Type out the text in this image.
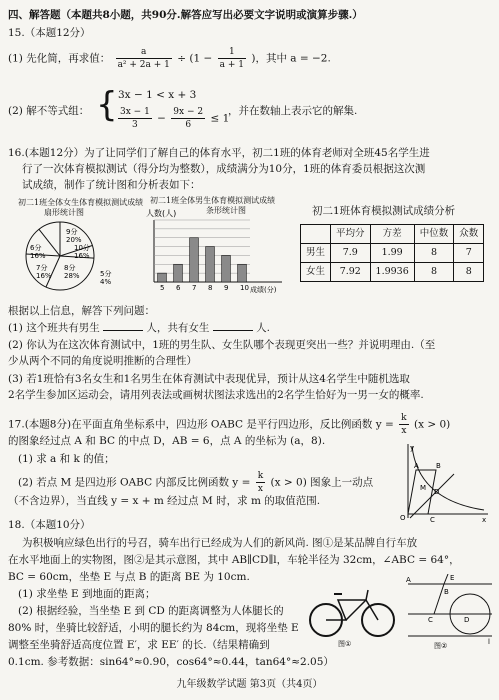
四、解答题（本题共8小题，共90分.解答应写出必要文字说明或演算步骤.）
15.（本题12分）
(1) 先化简，再求值： $\frac{a}{\text{a² + 2a + 1}} \div (1 - \frac{1}{a + 1}$ )，其中 a = −2.
(2) 解不等式组： { 3x − 1 < x + 3
$\frac{3x - 1}{3} - \frac{9x - 2}{6} \le 1$
，并在数轴上表示它的解集.
16.(本题12分）为了让同学们了解自己的体育水平，初二1班的体育老师对全班45名学生进
行了一次体育模拟测试（得分均为整数），成绩满分为10分，1班的体育委员根据这次测
试成绩，制作了统计图和分析表如下：
初二1班全体女生体育模拟测试成绩
扇形统计图
9分
20%
10分
16%
8分
28%
7分
16%
6分
16%
5分
4%
初二1班全体男生体育模拟测试成绩
条形统计图
人数(人)
成绩(分)
5 6 7 8 9 10
初二1班体育模拟测试成绩分析
	平均分	方差	中位数	众数
男生	7.9	1.99	8	7
女生	7.92	1.9936	8	8
根据以上信息，解答下列问题：
(1) 这个班共有男生	人，共有女生	人.
(2) 你认为在这次体育测试中，1班的男生队、女生队哪个表现更突出一些？并说明理由.（至
少从两个不同的角度说明推断的合理性）
(3) 若1班恰有3名女生和1名男生在体育测试中表现优异，预计从这4名学生中随机选取
2名学生参加区运动会，请用列表法或画树状图法求选出的2名学生恰好为一男一女的概率.
17.(本题8分)在平面直角坐标系中，四边形 OABC 是平行四边形，反比例函数 $y = \frac{k}{x} (x > 0)$
的图象经过点 A 和 BC 的中点 D，AB = 6，点 A 的坐标为 (a，8).
(1) 求 a 和 k 的值；
(2) 若点 M 是四边形 OABC 内部反比例函数 $y = \frac{k}{x} (x > 0)$ 图象上一动点
（不含边界），当直线 y = x + m 经过点 M 时，求 m 的取值范围.
O	x
y
A B
C
D
M
18.（本题10分）
为积极响应绿色出行的号召，骑车出行已经成为人们的新风尚. 图①是某品牌自行车放
在水平地面上的实物图，图②是其示意图，其中 AB∥CD∥l，车轮半径为 32cm，∠ABC = 64°，
BC = 60cm，坐垫 E 与点 B 的距离 BE 为 10cm.
(1) 求坐垫 E 到地面的距离；
(2) 根据经验，当坐垫 E 到 CD 的距离调整为人体腿长的
80% 时，坐骑比较舒适，小明的腿长约为 84cm，现将坐垫 E
调整至坐骑舒适高度位置 E′，求 EE′ 的长.（结果精确到
0.1cm. 参考数据：sin64°≈0.90，cos64°≈0.44，tan64°≈2.05）
图①
A
B
C	D
E
l
图②
九年级数学试题 第3页（共4页）
